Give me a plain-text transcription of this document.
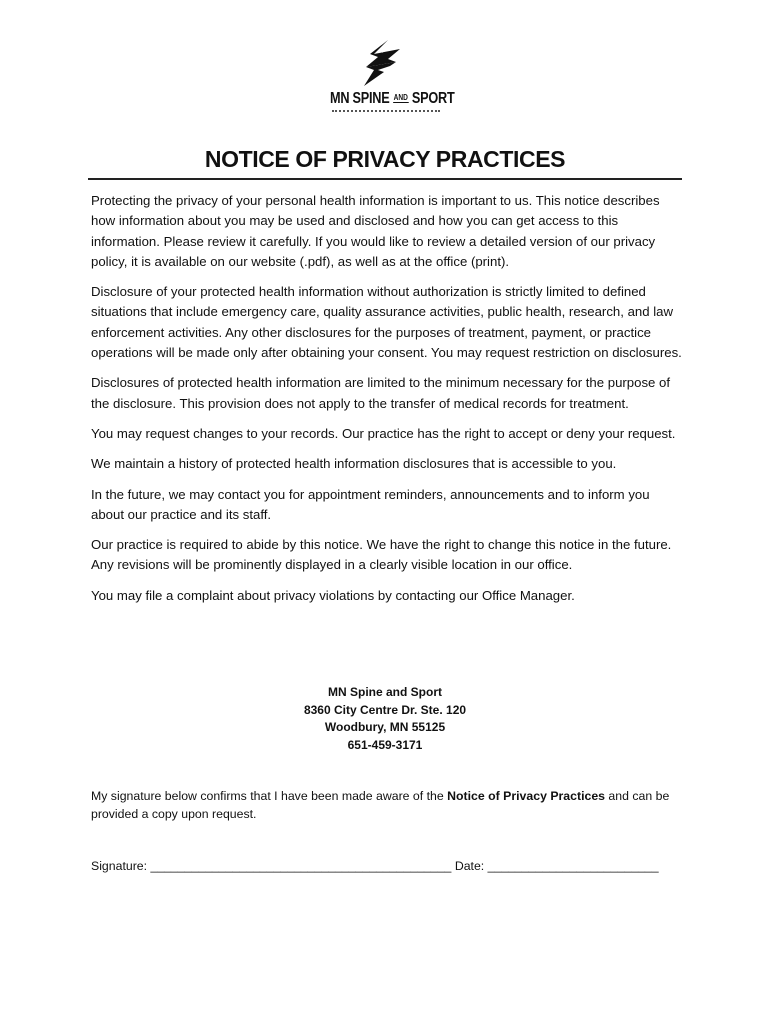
MN SPINE AND SPORT
NOTICE OF PRIVACY PRACTICES

Protecting the privacy of your personal health information is important to us. This notice describes how information about you may be used and disclosed and how you can get access to this information. Please review it carefully. If you would like to review a detailed version of our privacy policy, it is available on our website (.pdf), as well as at the office (print).

Disclosure of your protected health information without authorization is strictly limited to defined situations that include emergency care, quality assurance activities, public health, research, and law enforcement activities. Any other disclosures for the purposes of treatment, payment, or practice operations will be made only after obtaining your consent. You may request restriction on disclosures.

Disclosures of protected health information are limited to the minimum necessary for the purpose of the disclosure. This provision does not apply to the transfer of medical records for treatment.

You may request changes to your records. Our practice has the right to accept or deny your request.

We maintain a history of protected health information disclosures that is accessible to you.

In the future, we may contact you for appointment reminders, announcements and to inform you about our practice and its staff.

Our practice is required to abide by this notice. We have the right to change this notice in the future. Any revisions will be prominently displayed in a clearly visible location in our office.

You may file a complaint about privacy violations by contacting our Office Manager.

MN Spine and Sport
8360 City Centre Dr. Ste. 120
Woodbury, MN 55125
651-459-3171
My signature below confirms that I have been made aware of the Notice of Privacy Practices and can be provided a copy upon request.
Signature: ____________________________________________ Date: _________________________
